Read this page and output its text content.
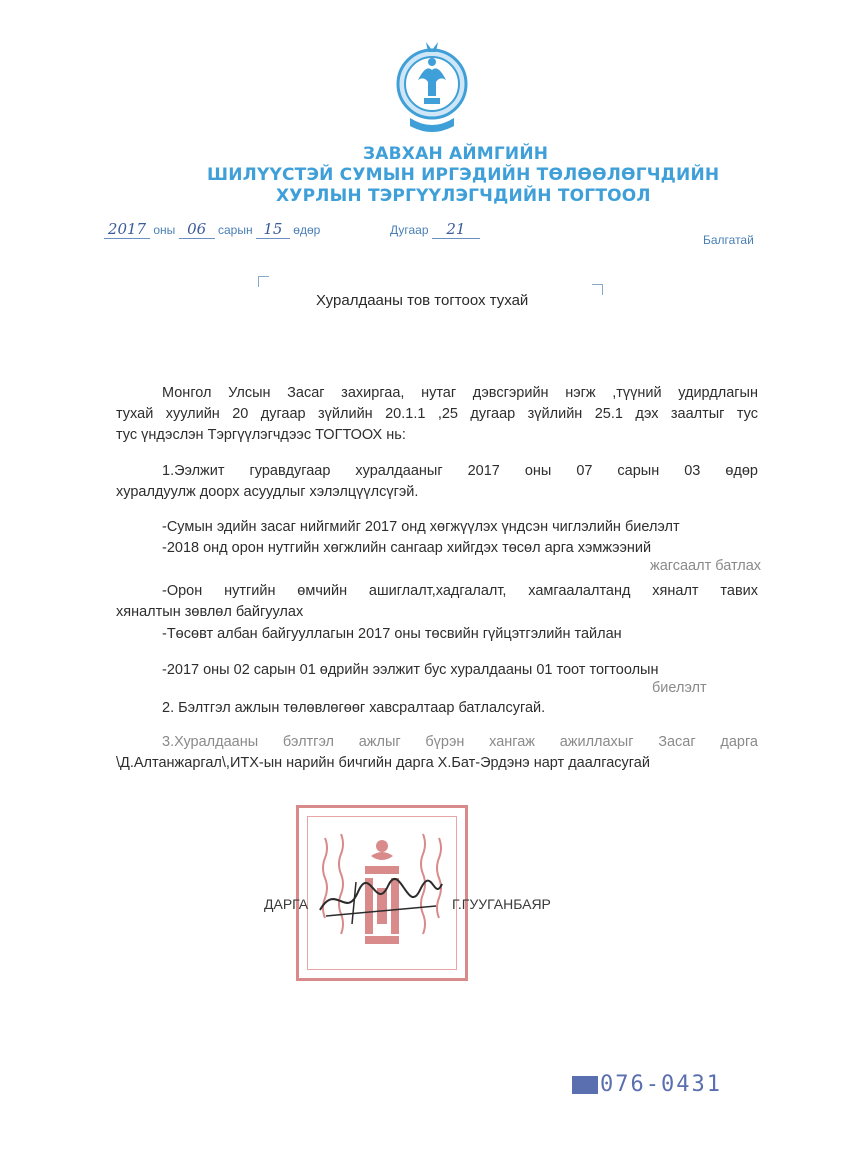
ЗАВХАН АЙМГИЙН
ШИЛҮҮСТЭЙ СУМЫН ИРГЭДИЙН ТӨЛӨӨЛӨГЧДИЙН
ХУРЛЫН ТЭРГҮҮЛЭГЧДИЙН ТОГТООЛ
2017 оны 06 сарын 15 өдөр	Дугаар 21
Балгатай
Хуралдааны тов тогтоох тухай
Монгол Улсын Засаг захиргаа, нутаг дэвсгэрийн нэгж ,түүний удирдлагын
тухай хуулийн 20 дугаар зүйлийн 20.1.1 ,25 дугаар зүйлийн 25.1 дэх заалтыг тус
тус үндэслэн Тэргүүлэгчдээс ТОГТООХ нь:
1.Ээлжит гуравдугаар хуралдааныг 2017 оны 07 сарын 03 өдөр
хуралдуулж доорх асуудлыг хэлэлцүүлсүгэй.
-Сумын эдийн засаг нийгмийг 2017 онд хөгжүүлэх үндсэн чиглэлийн биелэлт
-2018 онд орон нутгийн хөгжлийн сангаар хийгдэх төсөл арга хэмжээний
жагсаалт батлах
-Орон нутгийн өмчийн ашиглалт,хадгалалт, хамгаалалтанд хяналт тавих
хяналтын зөвлөл байгуулах
-Төсөвт албан байгууллагын 2017 оны төсвийн гүйцэтгэлийн тайлан
-2017 оны 02 сарын 01 өдрийн ээлжит бус хуралдааны 01 тоот тогтоолын
биелэлт
2. Бэлтгэл ажлын төлөвлөгөөг хавсралтаар батлалсугай.
3.Хуралдааны бэлтгэл ажлыг бүрэн хангаж ажиллахыг Засаг дарга
\Д.Алтанжаргал\,ИТХ-ын нарийн бичгийн дарга Х.Бат-Эрдэнэ нарт даалгасугай
ДАРГА	Г.ГУУГАНБАЯР
076-0431
